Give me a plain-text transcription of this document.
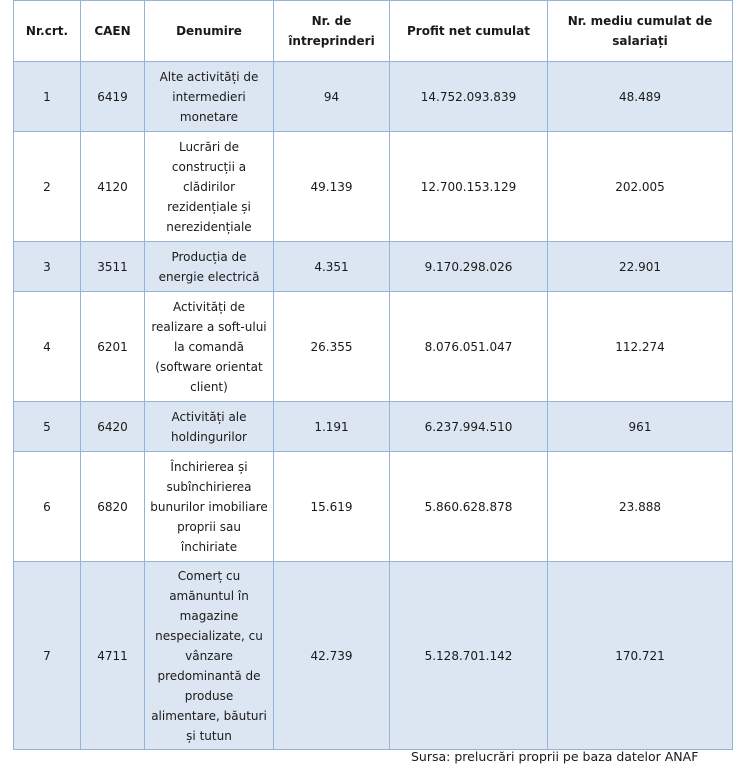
Nr.crt.	CAEN	Denumire	Nr. de întreprinderi	Profit net cumulat	Nr. mediu cumulat de salariați
1	6419	Alte activități de intermedieri monetare	94	14.752.093.839	48.489
2	4120	Lucrări de construcții a clădirilor rezidențiale și nerezidențiale	49.139	12.700.153.129	202.005
3	3511	Producția de energie electrică	4.351	9.170.298.026	22.901
4	6201	Activități de realizare a soft-ului la comandă (software orientat client)	26.355	8.076.051.047	112.274
5	6420	Activități ale holdingurilor	1.191	6.237.994.510	961
6	6820	Închirierea și subînchirierea bunurilor imobiliare proprii sau închiriate	15.619	5.860.628.878	23.888
7	4711	Comerț cu amănuntul în magazine nespecializate, cu vânzare predominantă de produse alimentare, băuturi și tutun	42.739	5.128.701.142	170.721
Sursa: prelucrări proprii pe baza datelor ANAF
